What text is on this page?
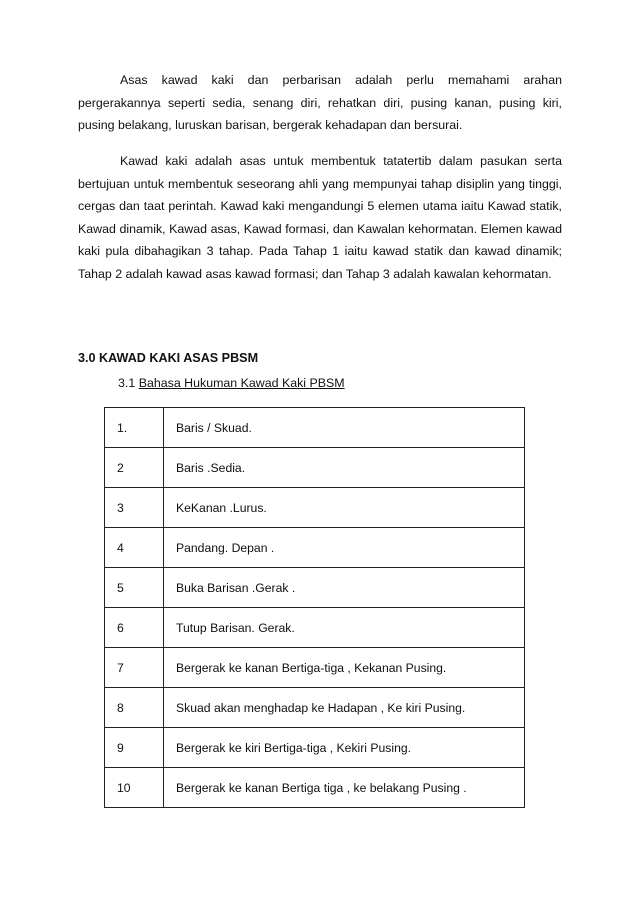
Asas kawad kaki dan perbarisan adalah perlu memahami arahan pergerakannya seperti sedia, senang diri, rehatkan diri, pusing kanan, pusing kiri, pusing belakang, luruskan barisan, bergerak kehadapan dan bersurai.

Kawad kaki adalah asas untuk membentuk tatatertib dalam pasukan serta bertujuan untuk membentuk seseorang ahli yang mempunyai tahap disiplin yang tinggi, cergas dan taat perintah. Kawad kaki mengandungi 5 elemen utama iaitu Kawad statik, Kawad dinamik, Kawad asas, Kawad formasi, dan Kawalan kehormatan. Elemen kawad kaki pula dibahagikan 3 tahap. Pada Tahap 1 iaitu kawad statik dan kawad dinamik; Tahap 2 adalah kawad asas kawad formasi; dan Tahap 3 adalah kawalan kehormatan.

3.0 KAWAD KAKI ASAS PBSM

3.1 Bahasa Hukuman Kawad Kaki PBSM

1.	Baris / Skuad.
2	Baris .Sedia.
3	KeKanan .Lurus.
4	Pandang. Depan .
5	Buka Barisan .Gerak .
6	Tutup Barisan. Gerak.
7	Bergerak ke kanan Bertiga-tiga , Kekanan Pusing.
8	Skuad akan menghadap ke Hadapan , Ke kiri Pusing.
9	Bergerak ke kiri Bertiga-tiga , Kekiri Pusing.
10	Bergerak ke kanan Bertiga tiga , ke belakang Pusing .
